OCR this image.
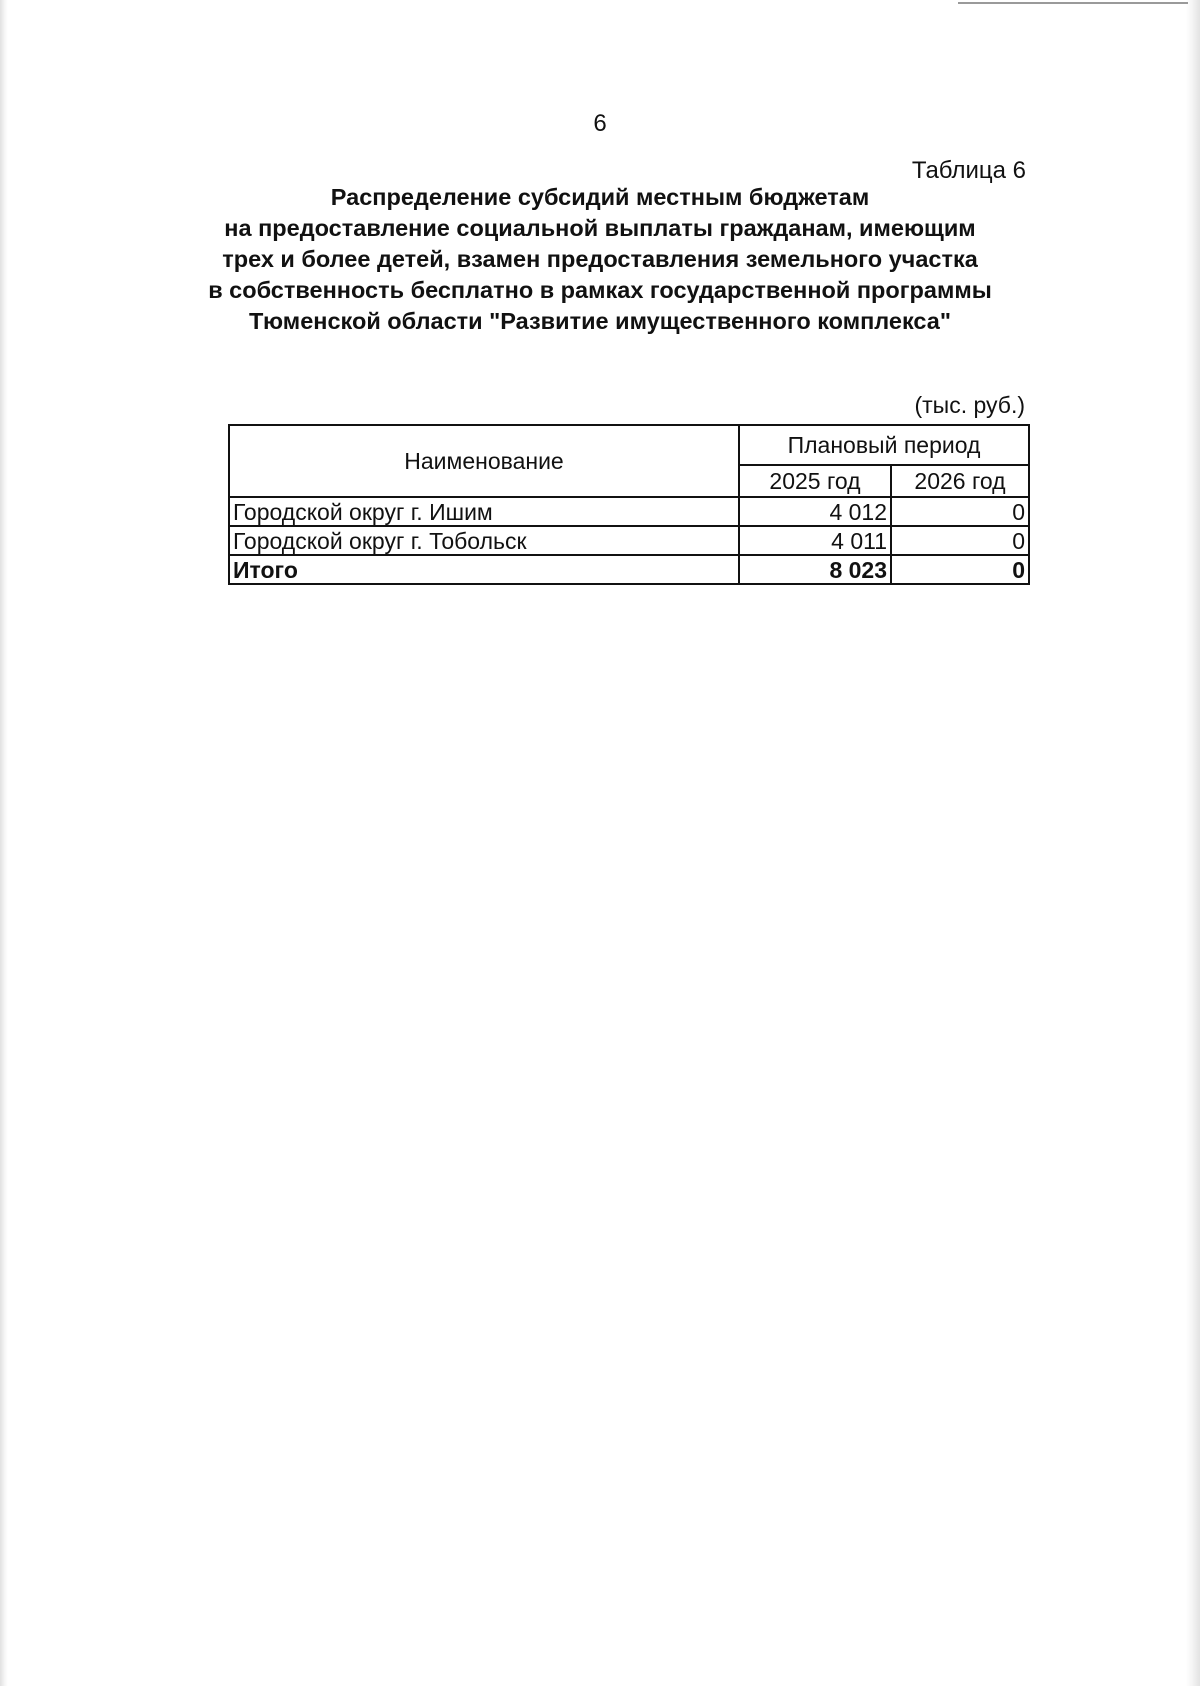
6
Таблица 6
Распределение субсидий местным бюджетам
на предоставление социальной выплаты гражданам, имеющим
трех и более детей, взамен предоставления земельного участка
в собственность бесплатно в рамках государственной программы
Тюменской области "Развитие имущественного комплекса"
(тыс. руб.)
Наименование	Плановый период	
	2025 год	2026 год
Городской округ г. Ишим	4 012	0
Городской округ г. Тобольск	4 011	0
Итого	8 023	0
